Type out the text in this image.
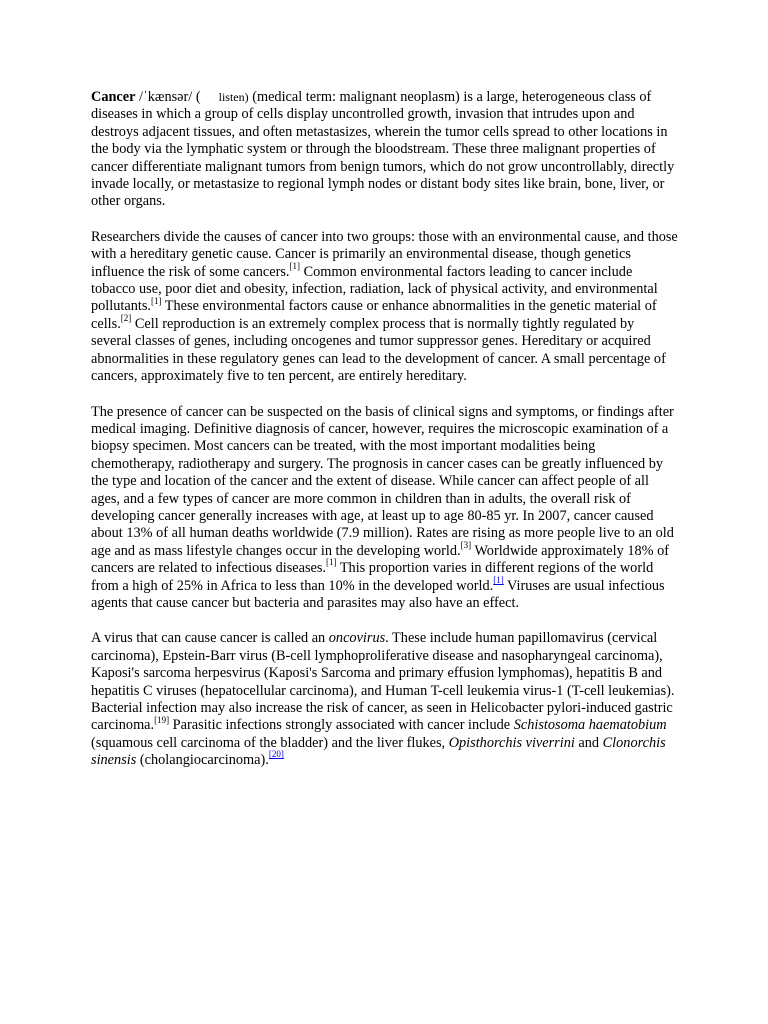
Cancer /ˈkænsər/ ( listen) (medical term: malignant neoplasm) is a large, heterogeneous class of diseases in which a group of cells display uncontrolled growth, invasion that intrudes upon and destroys adjacent tissues, and often metastasizes, wherein the tumor cells spread to other locations in the body via the lymphatic system or through the bloodstream. These three malignant properties of cancer differentiate malignant tumors from benign tumors, which do not grow uncontrollably, directly invade locally, or metastasize to regional lymph nodes or distant body sites like brain, bone, liver, or other organs.

Researchers divide the causes of cancer into two groups: those with an environmental cause, and those with a hereditary genetic cause. Cancer is primarily an environmental disease, though genetics influence the risk of some cancers.[1] Common environmental factors leading to cancer include tobacco use, poor diet and obesity, infection, radiation, lack of physical activity, and environmental pollutants.[1] These environmental factors cause or enhance abnormalities in the genetic material of cells.[2] Cell reproduction is an extremely complex process that is normally tightly regulated by several classes of genes, including oncogenes and tumor suppressor genes. Hereditary or acquired abnormalities in these regulatory genes can lead to the development of cancer. A small percentage of cancers, approximately five to ten percent, are entirely hereditary.

The presence of cancer can be suspected on the basis of clinical signs and symptoms, or findings after medical imaging. Definitive diagnosis of cancer, however, requires the microscopic examination of a biopsy specimen. Most cancers can be treated, with the most important modalities being chemotherapy, radiotherapy and surgery. The prognosis in cancer cases can be greatly influenced by the type and location of the cancer and the extent of disease. While cancer can affect people of all ages, and a few types of cancer are more common in children than in adults, the overall risk of developing cancer generally increases with age, at least up to age 80-85 yr. In 2007, cancer caused about 13% of all human deaths worldwide (7.9 million). Rates are rising as more people live to an old age and as mass lifestyle changes occur in the developing world.[3] Worldwide approximately 18% of cancers are related to infectious diseases.[1] This proportion varies in different regions of the world from a high of 25% in Africa to less than 10% in the developed world.[1] Viruses are usual infectious agents that cause cancer but bacteria and parasites may also have an effect.

A virus that can cause cancer is called an oncovirus. These include human papillomavirus (cervical carcinoma), Epstein-Barr virus (B-cell lymphoproliferative disease and nasopharyngeal carcinoma), Kaposi's sarcoma herpesvirus (Kaposi's Sarcoma and primary effusion lymphomas), hepatitis B and hepatitis C viruses (hepatocellular carcinoma), and Human T-cell leukemia virus-1 (T-cell leukemias). Bacterial infection may also increase the risk of cancer, as seen in Helicobacter pylori-induced gastric carcinoma.[19] Parasitic infections strongly associated with cancer include Schistosoma haematobium (squamous cell carcinoma of the bladder) and the liver flukes, Opisthorchis viverrini and Clonorchis sinensis (cholangiocarcinoma).[20]
